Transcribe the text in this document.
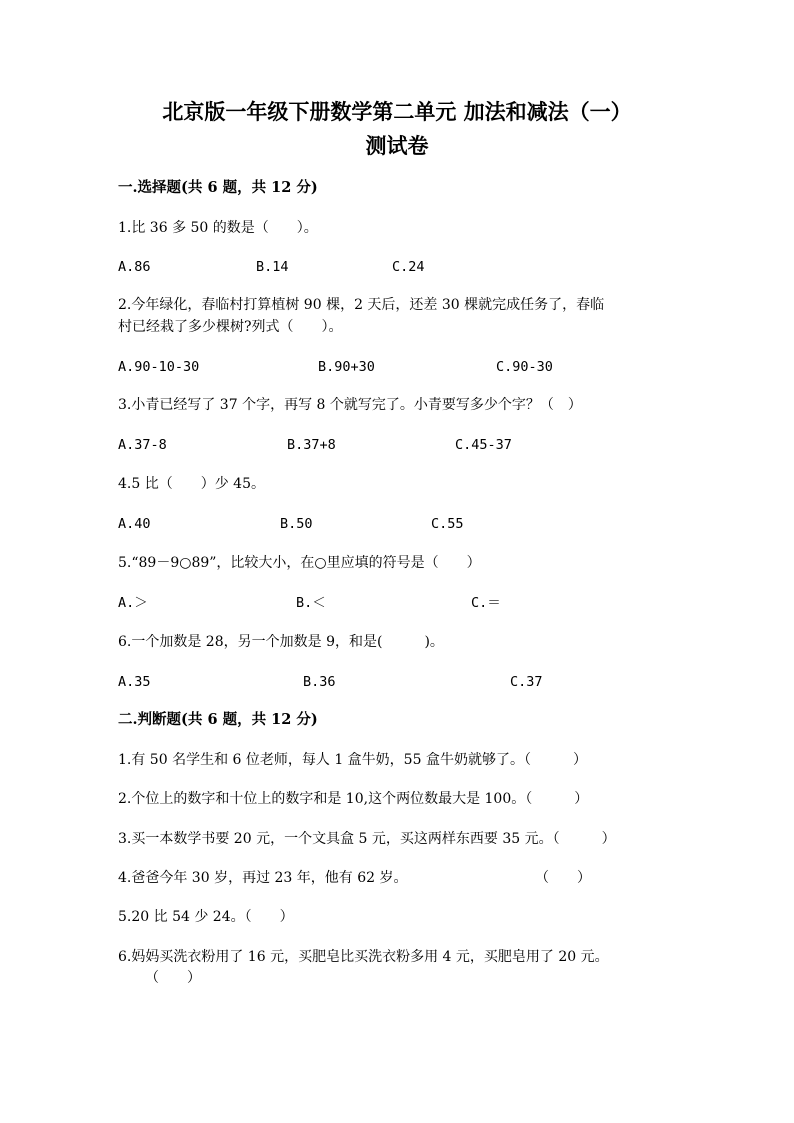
北京版一年级下册数学第二单元 加法和减法（一）
测试卷
一.选择题(共 6 题，共 12 分)
1.比 36 多 50 的数是（　　）。
A.86	B.14	C.24
2.今年绿化，春临村打算植树 90 棵，2 天后，还差 30 棵就完成任务了，春临
村已经栽了多少棵树?列式（　　）。
A.90-10-30	B.90+30	C.90-30
3.小青已经写了 37 个字，再写 8 个就写完了。小青要写多少个字？（　）
A.37-8	B.37+8	C.45-37
4.5 比（　　）少 45。
A.40	B.50	C.55
5.“89－9○89”，比较大小，在○里应填的符号是（　　）
A.＞	B.＜	C.＝
6.一个加数是 28，另一个加数是 9，和是(　　　)。
A.35	B.36	C.37
二.判断题(共 6 题，共 12 分)
1.有 50 名学生和 6 位老师，每人 1 盒牛奶，55 盒牛奶就够了。（　　　）
2.个位上的数字和十位上的数字和是 10,这个两位数最大是 100。（　　　）
3.买一本数学书要 20 元，一个文具盒 5 元，买这两样东西要 35 元。（　　　）
4.爸爸今年 30 岁，再过 23 年，他有 62 岁。	（　　）
5.20 比 54 少 24。（　　）
6.妈妈买洗衣粉用了 16 元，买肥皂比买洗衣粉多用 4 元，买肥皂用了 20 元。
（　　）
